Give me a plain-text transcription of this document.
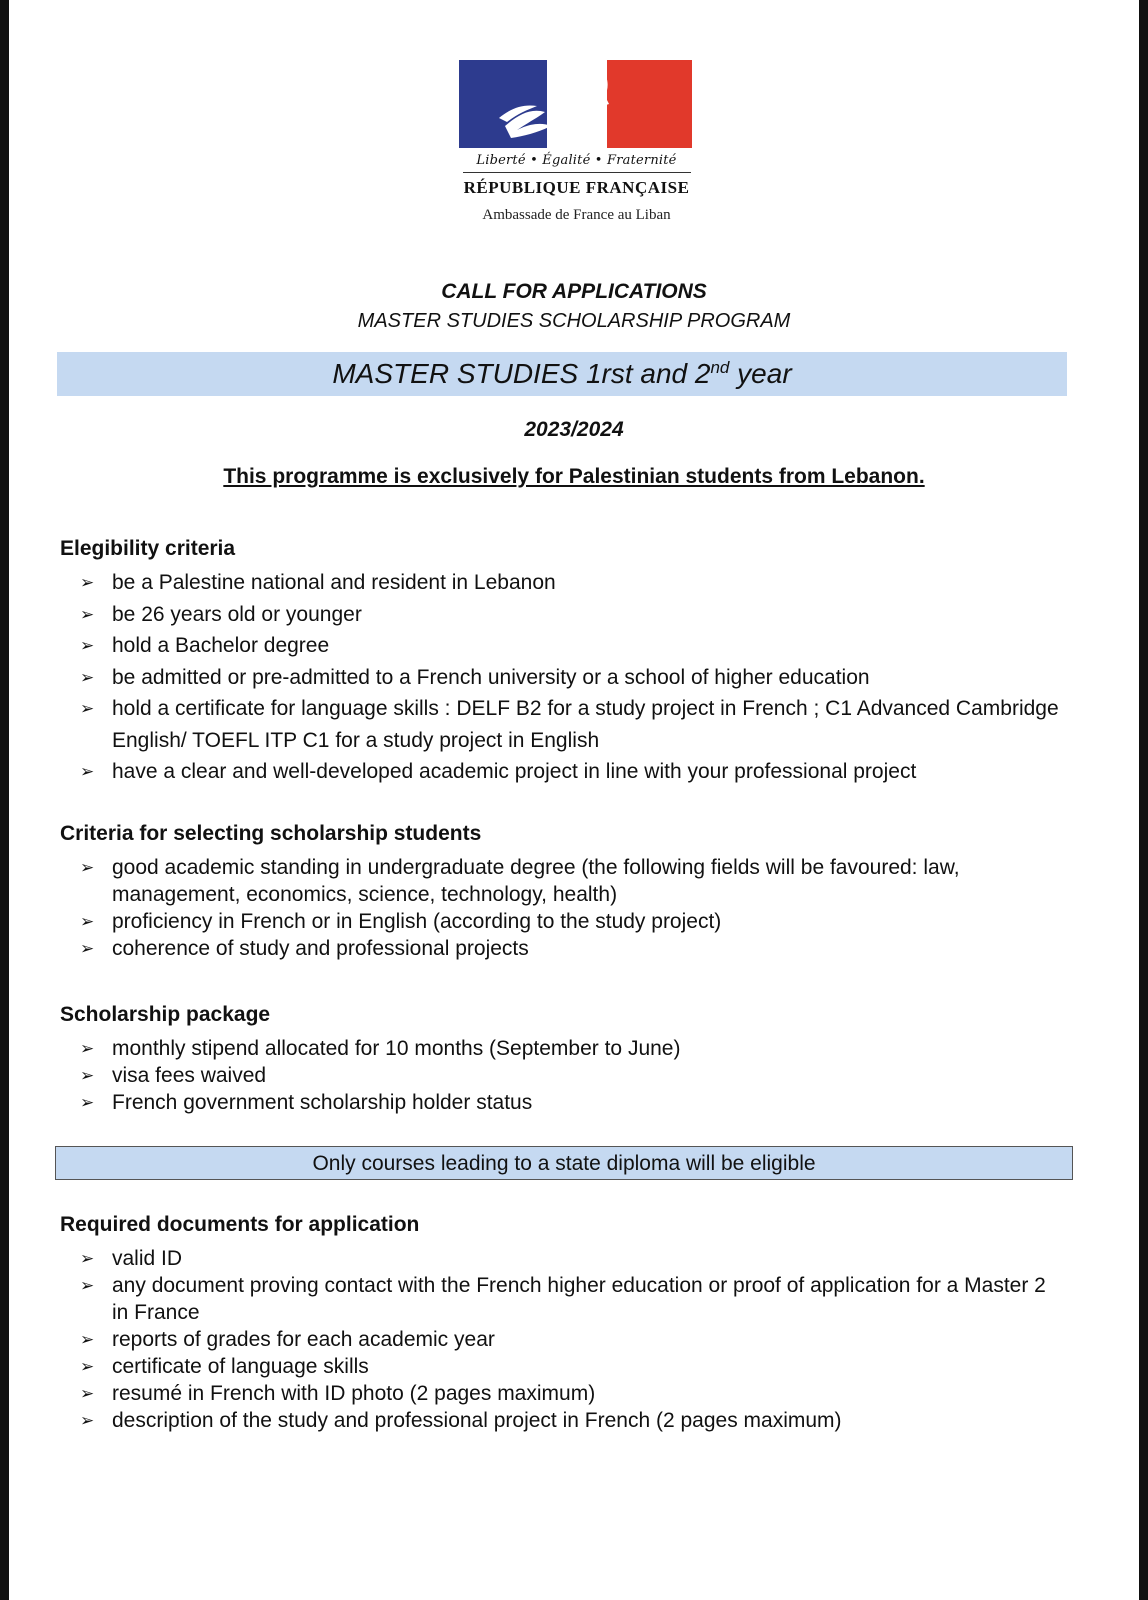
Liberté • Égalité • Fraternité
RÉPUBLIQUE FRANÇAISE
Ambassade de France au Liban
CALL FOR APPLICATIONS
MASTER STUDIES SCHOLARSHIP PROGRAM
MASTER STUDIES 1rst and 2nd year
2023/2024
This programme is exclusively for Palestinian students from Lebanon.
Elegibility criteria
➢ be a Palestine national and resident in Lebanon
➢ be 26 years old or younger
➢ hold a Bachelor degree
➢ be admitted or pre-admitted to a French university or a school of higher education
➢ hold a certificate for language skills : DELF B2 for a study project in French ; C1 Advanced Cambridge English/ TOEFL ITP C1 for a study project in English
➢ have a clear and well-developed academic project in line with your professional project
Criteria for selecting scholarship students
➢ good academic standing in undergraduate degree (the following fields will be favoured: law, management, economics, science, technology, health)
➢ proficiency in French or in English (according to the study project)
➢ coherence of study and professional projects
Scholarship package
➢ monthly stipend allocated for 10 months (September to June)
➢ visa fees waived
➢ French government scholarship holder status
Only courses leading to a state diploma will be eligible
Required documents for application
➢ valid ID
➢ any document proving contact with the French higher education or proof of application for a Master 2 in France
➢ reports of grades for each academic year
➢ certificate of language skills
➢ resumé in French with ID photo (2 pages maximum)
➢ description of the study and professional project in French (2 pages maximum)
